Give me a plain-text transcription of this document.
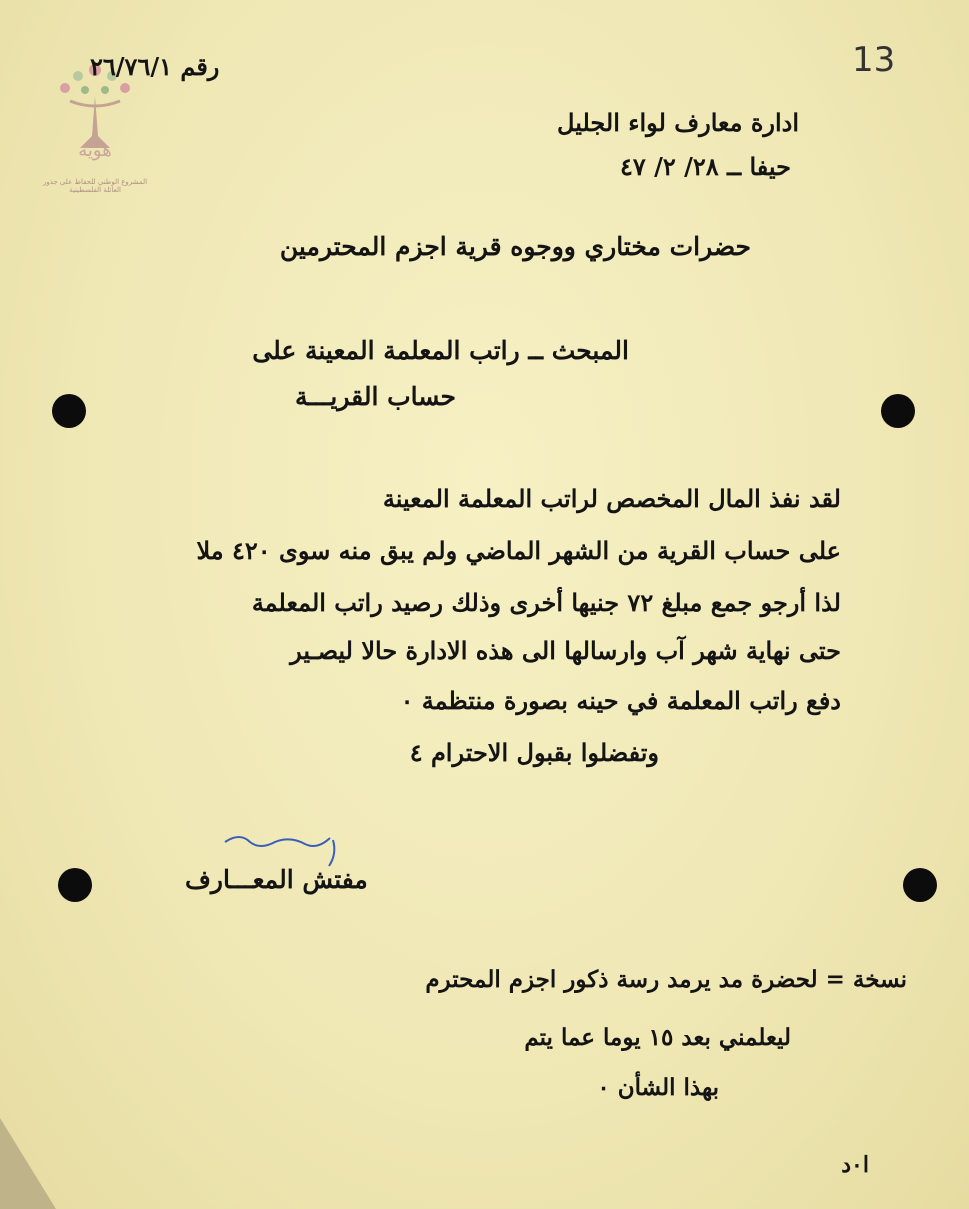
هوية
المشروع الوطني للحفاظ على جذور العائلة الفلسطينية
13
رقم ٢٦/٧٦/١
ادارة معارف لواء الجليل
حيفا ــ ٢٨/ ٢/ ٤٧
حضرات مختاري ووجوه قرية اجزم المحترمين
المبحث ــ راتب المعلمة المعينة على
حساب القريـــة
لقد نفذ المال المخصص لراتب المعلمة المعينة
على حساب القرية من الشهر الماضي ولم يبق منه سوى ٤٢٠ ملا
لذا أرجو جمع مبلغ ٧٢ جنيها أخرى وذلك رصيد راتب المعلمة
حتى نهاية شهر آب وارسالها الى هذه الادارة حالا ليصـير
دفع راتب المعلمة في حينه بصورة منتظمة ٠
وتفضلوا بقبول الاحترام ٤
مفتش المعـــارف
نسخة = لحضرة مد يرمد رسة ذكور اجزم المحترم
ليعلمني بعد ١٥ يوما عما يتم
بهذا الشأن ٠
ا٠د
